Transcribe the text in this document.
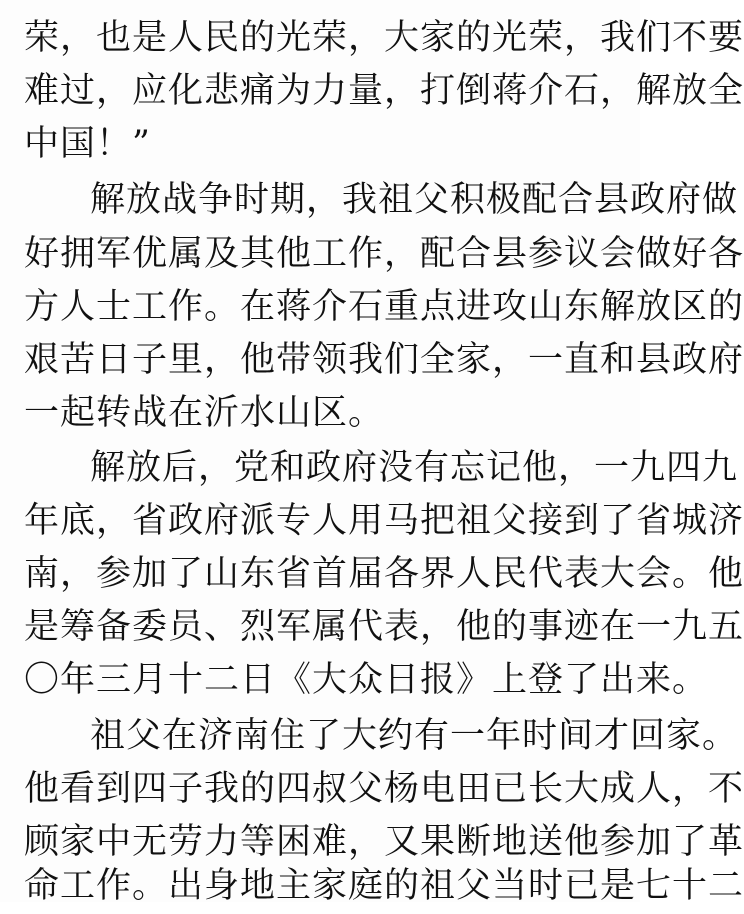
荣，也是人民的光荣，大家的光荣，我们不要
难过，应化悲痛为力量，打倒蒋介石，解放全
中国！”
解放战争时期，我祖父积极配合县政府做
好拥军优属及其他工作，配合县参议会做好各
方人士工作。在蒋介石重点进攻山东解放区的
艰苦日子里，他带领我们全家，一直和县政府
一起转战在沂水山区。
解放后，党和政府没有忘记他，一九四九
年底，省政府派专人用马把祖父接到了省城济
南，参加了山东省首届各界人民代表大会。他
是筹备委员、烈军属代表，他的事迹在一九五
〇年三月十二日《大众日报》上登了出来。
祖父在济南住了大约有一年时间才回家。
他看到四子我的四叔父杨电田已长大成人，不
顾家中无劳力等困难，又果断地送他参加了革
命工作。出身地主家庭的祖父当时已是七十二
